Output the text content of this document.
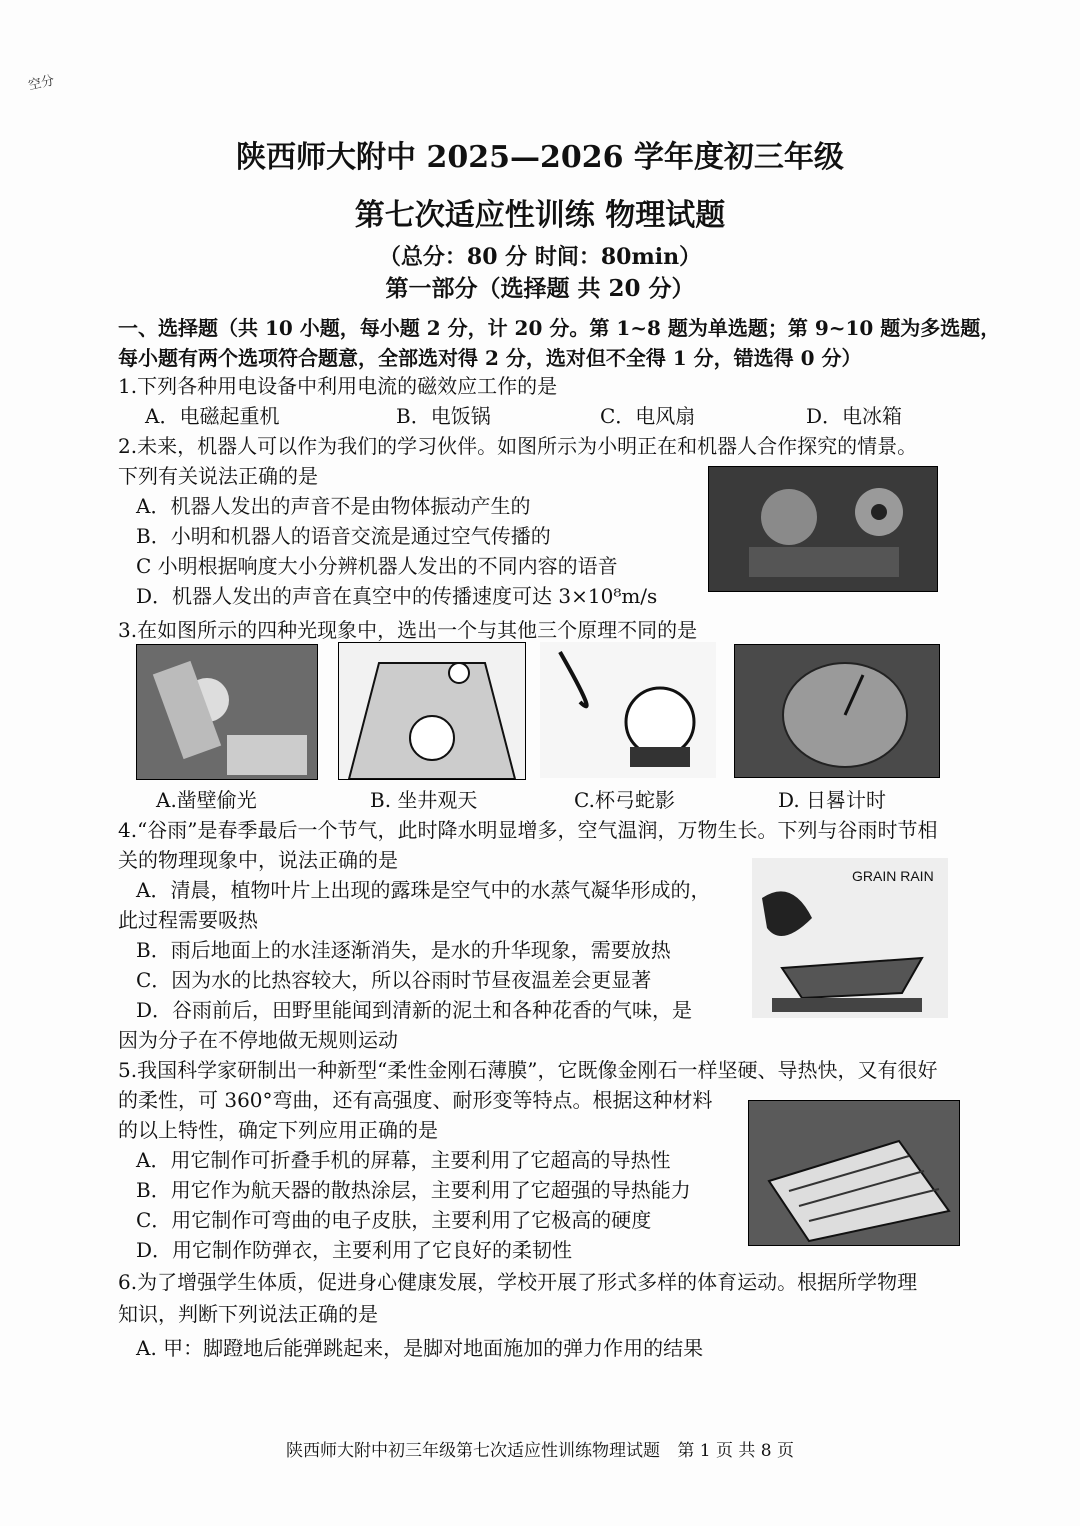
空分
陕西师大附中 2025—2026 学年度初三年级
第七次适应性训练 物理试题
（总分：80 分 时间：80min）
第一部分（选择题 共 20 分）
一、选择题（共 10 小题，每小题 2 分，计 20 分。第 1~8 题为单选题；第 9~10 题为多选题，
每小题有两个选项符合题意，全部选对得 2 分，选对但不全得 1 分，错选得 0 分）
1.下列各种用电设备中利用电流的磁效应工作的是
A．电磁起重机	B．电饭锅	C．电风扇	D．电冰箱
2.未来，机器人可以作为我们的学习伙伴。如图所示为小明正在和机器人合作探究的情景。
下列有关说法正确的是
A．机器人发出的声音不是由物体振动产生的
B．小明和机器人的语音交流是通过空气传播的
C 小明根据响度大小分辨机器人发出的不同内容的语音
D．机器人发出的声音在真空中的传播速度可达 3×10⁸m/s
3.在如图所示的四种光现象中，选出一个与其他三个原理不同的是
A.凿壁偷光	B. 坐井观天	C.杯弓蛇影	D. 日晷计时
4.“谷雨”是春季最后一个节气，此时降水明显增多，空气温润，万物生长。下列与谷雨时节相
关的物理现象中，说法正确的是
A．清晨，植物叶片上出现的露珠是空气中的水蒸气凝华形成的，
此过程需要吸热
B．雨后地面上的水洼逐渐消失，是水的升华现象，需要放热
C．因为水的比热容较大，所以谷雨时节昼夜温差会更显著
D．谷雨前后，田野里能闻到清新的泥土和各种花香的气味，是
因为分子在不停地做无规则运动
GRAIN RAIN
5.我国科学家研制出一种新型“柔性金刚石薄膜”，它既像金刚石一样坚硬、导热快，又有很好
的柔性，可 360°弯曲，还有高强度、耐形变等特点。根据这种材料
的以上特性，确定下列应用正确的是
A．用它制作可折叠手机的屏幕，主要利用了它超高的导热性
B．用它作为航天器的散热涂层，主要利用了它超强的导热能力
C．用它制作可弯曲的电子皮肤，主要利用了它极高的硬度
D．用它制作防弹衣，主要利用了它良好的柔韧性
6.为了增强学生体质，促进身心健康发展，学校开展了形式多样的体育运动。根据所学物理
知识，判断下列说法正确的是
A. 甲：脚蹬地后能弹跳起来，是脚对地面施加的弹力作用的结果
陕西师大附中初三年级第七次适应性训练物理试题 第 1 页 共 8 页
